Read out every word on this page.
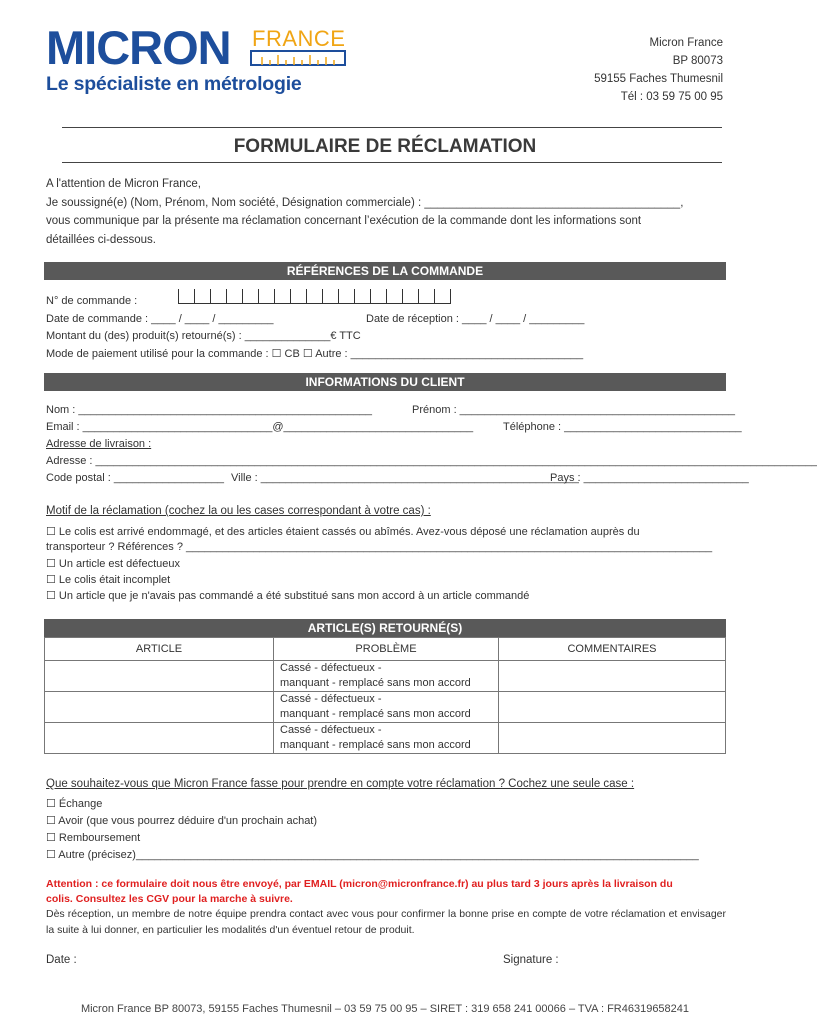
MICRON FRANCE
Le spécialiste en métrologie
Micron France
BP 80073
59155 Faches Thumesnil
Tél : 03 59 75 00 95
FORMULAIRE DE RÉCLAMATION
A l'attention de Micron France,
Je soussigné(e) (Nom, Prénom, Nom société, Désignation commerciale) : ________________________________________,
vous communique par la présente ma réclamation concernant l’exécution de la commande dont les informations sont
détaillées ci-dessous.
RÉFÉRENCES DE LA COMMANDE
N° de commande :
Date de commande : ____ / ____ / _________	Date de réception : ____ / ____ / _________
Montant du (des) produit(s) retourné(s) : ______________€ TTC
Mode de paiement utilisé pour la commande : ☐ CB ☐ Autre : ______________________________________
INFORMATIONS DU CLIENT
Nom : ________________________________________________	Prénom : _____________________________________________
Email : _______________________________@_______________________________	Téléphone : _____________________________
Adresse de livraison :
Adresse : ______________________________________________________________________________________________________________________
Code postal : __________________ Ville : ____________________________________________________
Pays : ___________________________
Motif de la réclamation (cochez la ou les cases correspondant à votre cas) :
☐ Le colis est arrivé endommagé, et des articles étaient cassés ou abîmés. Avez-vous déposé une réclamation auprès du
transporteur ? Références ? ______________________________________________________________________________________
☐ Un article est défectueux
☐ Le colis était incomplet
☐ Un article que je n'avais pas commandé a été substitué sans mon accord à un article commandé
ARTICLE(S) RETOURNÉ(S)
ARTICLE	PROBLÈME	COMMENTAIRES

	Cassé - défectueux -
manquant - remplacé sans mon accord	

	Cassé - défectueux -
manquant - remplacé sans mon accord	

	Cassé - défectueux -
manquant - remplacé sans mon accord	

Que souhaitez-vous que Micron France fasse pour prendre en compte votre réclamation ? Cochez une seule case :
☐ Échange
☐ Avoir (que vous pourrez déduire d'un prochain achat)
☐ Remboursement
☐ Autre (précisez)____________________________________________________________________________________________
Attention : ce formulaire doit nous être envoyé, par EMAIL (micron@micronfrance.fr) au plus tard 3 jours après la livraison du
colis. Consultez les CGV pour la marche à suivre.
Dès réception, un membre de notre équipe prendra contact avec vous pour confirmer la bonne prise en compte de votre réclamation et envisager la suite à lui donner, en particulier les modalités d'un éventuel retour de produit.
Date :	Signature :
Micron France BP 80073, 59155 Faches Thumesnil – 03 59 75 00 95 – SIRET : 319 658 241 00066 – TVA : FR46319658241
